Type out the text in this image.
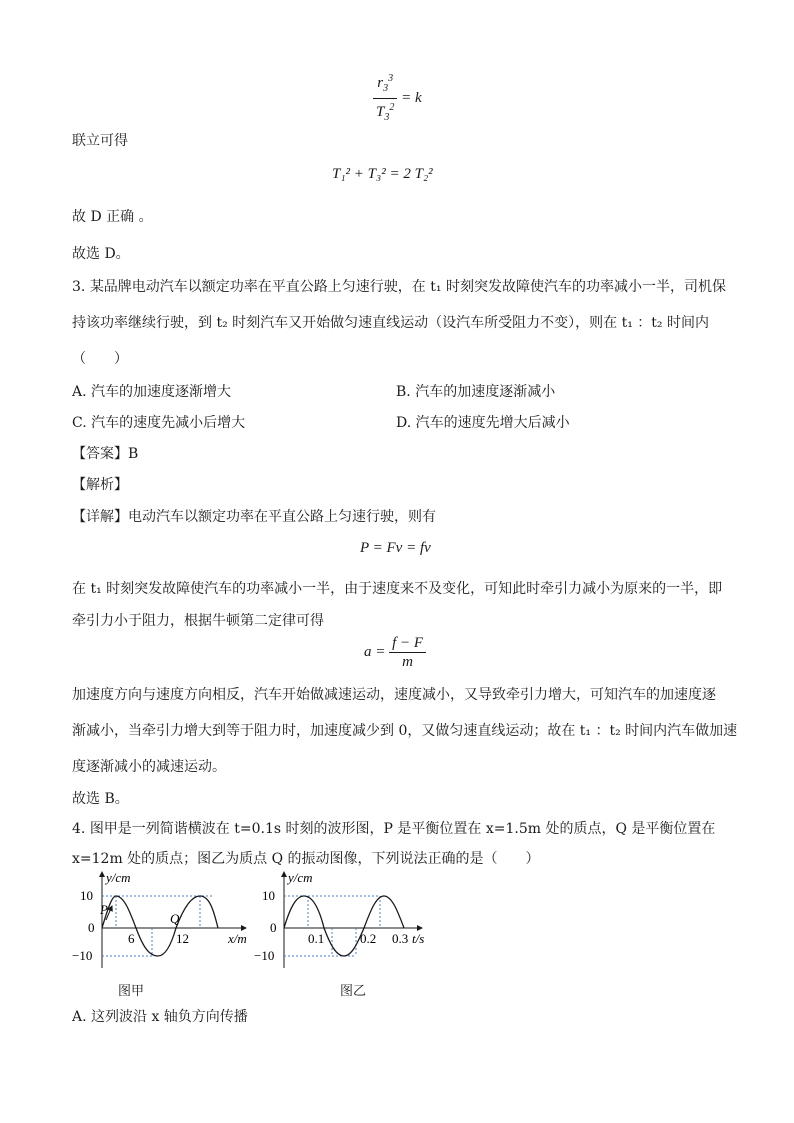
$\frac{r_3^3}{T_3^2} = k$
联立可得
T₁² + T₃² = 2 T₂²
故 D 正确 。
故选 D。
3. 某品牌电动汽车以额定功率在平直公路上匀速行驶，在 t₁ 时刻突发故障使汽车的功率减小一半，司机保
持该功率继续行驶，到 t₂ 时刻汽车又开始做匀速直线运动（设汽车所受阻力不变），则在 t₁ ：t₂ 时间内
（　　）
A. 汽车的加速度逐渐增大	B. 汽车的加速度逐渐减小
C. 汽车的速度先减小后增大	D. 汽车的速度先增大后减小
【答案】B
【解析】
【详解】电动汽车以额定功率在平直公路上匀速行驶，则有
P = Fv = fv
在 t₁ 时刻突发故障使汽车的功率减小一半，由于速度来不及变化，可知此时牵引力减小为原来的一半，即
牵引力小于阻力，根据牛顿第二定律可得
$a = \frac{f - F}{m}$
加速度方向与速度方向相反，汽车开始做减速运动，速度减小，又导致牵引力增大，可知汽车的加速度逐
渐减小，当牵引力增大到等于阻力时，加速度减少到 0，又做匀速直线运动；故在 t₁ ：t₂ 时间内汽车做加速
度逐渐减小的减速运动。
故选 B。
4. 图甲是一列简谐横波在 t=0.1s 时刻的波形图，P 是平衡位置在 x=1.5m 处的质点，Q 是平衡位置在
x=12m 处的质点；图乙为质点 Q 的振动图像，下列说法正确的是（　　）
y/cm
x/m
10
0
−10
6	12
P
Q
图甲
y/cm
t/s
10
0
−10
0.1	0.2 0.3
图乙
A. 这列波沿 x 轴负方向传播
